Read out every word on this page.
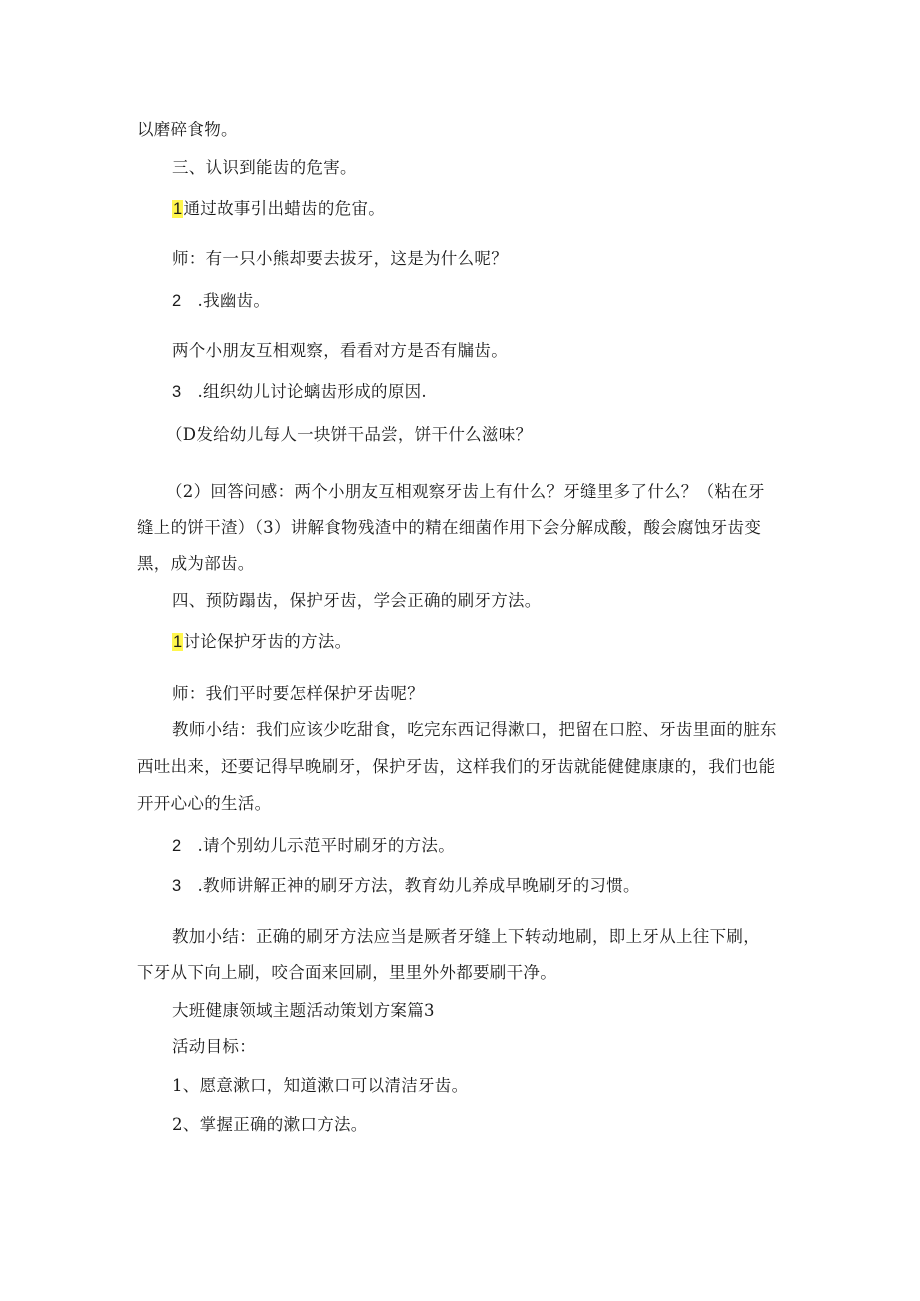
以磨碎食物。
三、认识到能齿的危害。
1通过故事引出蜡齿的危宙。
师：有一只小熊却要去拔牙，这是为什么呢？
2 .我幽齿。
两个小朋友互相观察，看看对方是否有牖齿。
3 .组织幼儿讨论螭齿形成的原因.
（D发给幼儿每人一块饼干品尝，饼干什么滋味？
（2）回答问感：两个小朋友互相观察牙齿上有什么？牙缝里多了什么？（粘在牙
缝上的饼干渣）（3）讲解食物残渣中的精在细菌作用下会分解成酸，酸会腐蚀牙齿变
黑，成为部齿。
四、预防蹋齿，保护牙齿，学会正确的刷牙方法。
1讨论保护牙齿的方法。
师：我们平时要怎样保护牙齿呢？
教师小结：我们应该少吃甜食，吃完东西记得漱口，把留在口腔、牙齿里面的脏东
西吐出来，还要记得早晚刷牙，保护牙齿，这样我们的牙齿就能健健康康的，我们也能
开开心心的生活。
2 .请个别幼儿示范平时刷牙的方法。
3 .教师讲解正神的刷牙方法，教育幼儿养成早晚刷牙的习惯。
教加小结：正确的刷牙方法应当是厥者牙缝上下转动地刷，即上牙从上往下刷，
下牙从下向上刷，咬合面来回刷，里里外外都要刷干净。
大班健康领域主题活动策划方案篇3
活动目标：
1、愿意漱口，知道漱口可以清洁牙齿。
2、掌握正确的漱口方法。
